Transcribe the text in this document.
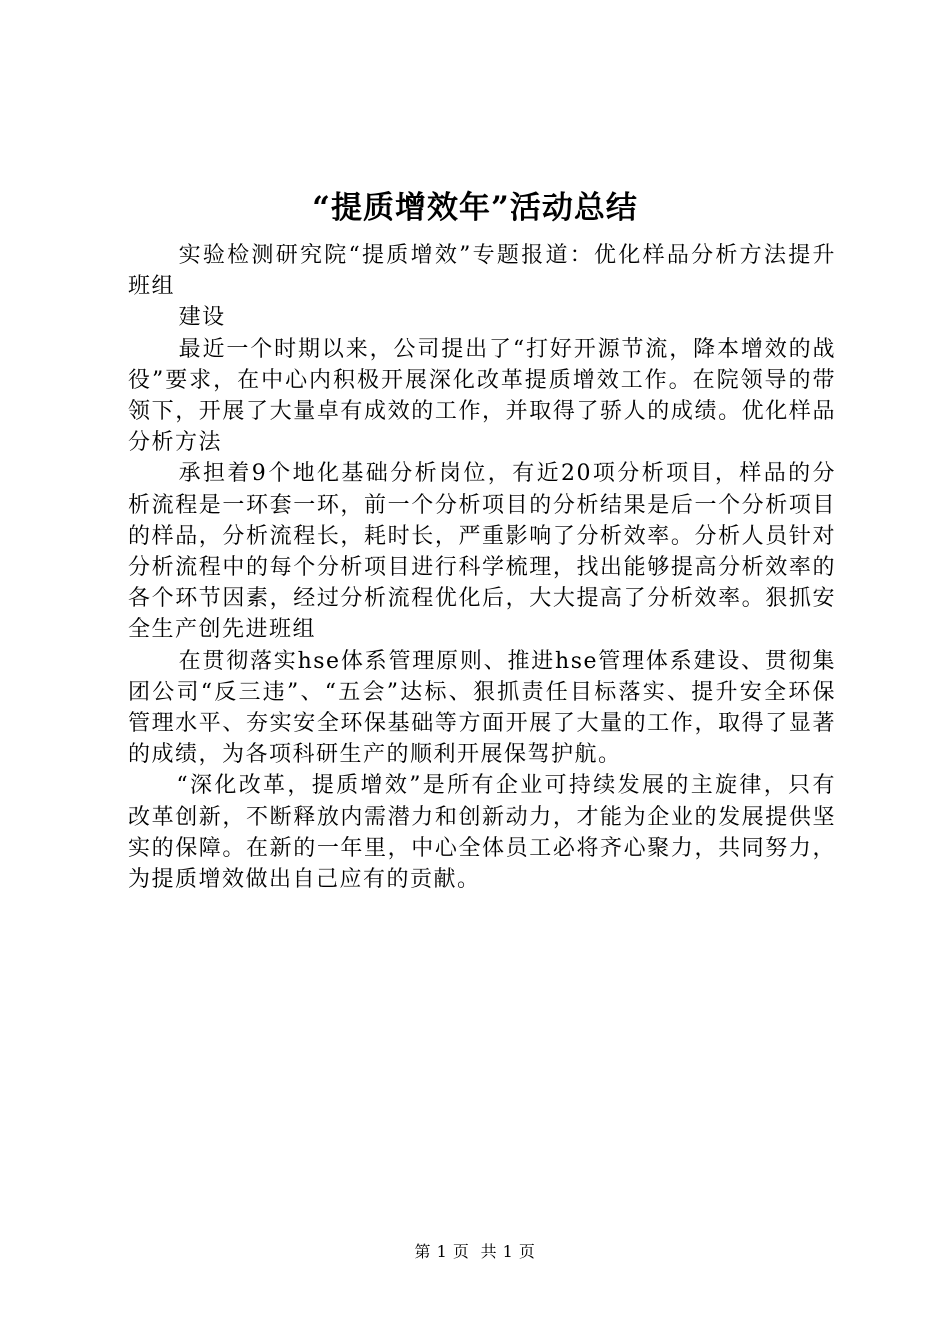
“提质增效年”活动总结

实验检测研究院“提质增效”专题报道：优化样品分析方法提升班组

建设

最近一个时期以来，公司提出了“打好开源节流，降本增效的战役”要求，在中心内积极开展深化改革提质增效工作。在院领导的带领下，开展了大量卓有成效的工作，并取得了骄人的成绩。优化样品分析方法

承担着9个地化基础分析岗位，有近20项分析项目，样品的分析流程是一环套一环，前一个分析项目的分析结果是后一个分析项目的样品，分析流程长，耗时长，严重影响了分析效率。分析人员针对分析流程中的每个分析项目进行科学梳理，找出能够提高分析效率的各个环节因素，经过分析流程优化后，大大提高了分析效率。狠抓安全生产创先进班组

在贯彻落实hse体系管理原则、推进hse管理体系建设、贯彻集团公司“反三违”、“五会”达标、狠抓责任目标落实、提升安全环保管理水平、夯实安全环保基础等方面开展了大量的工作，取得了显著的成绩，为各项科研生产的顺利开展保驾护航。

“深化改革，提质增效”是所有企业可持续发展的主旋律，只有改革创新，不断释放内需潜力和创新动力，才能为企业的发展提供坚实的保障。在新的一年里，中心全体员工必将齐心聚力，共同努力，为提质增效做出自己应有的贡献。

第 1 页 共 1 页
